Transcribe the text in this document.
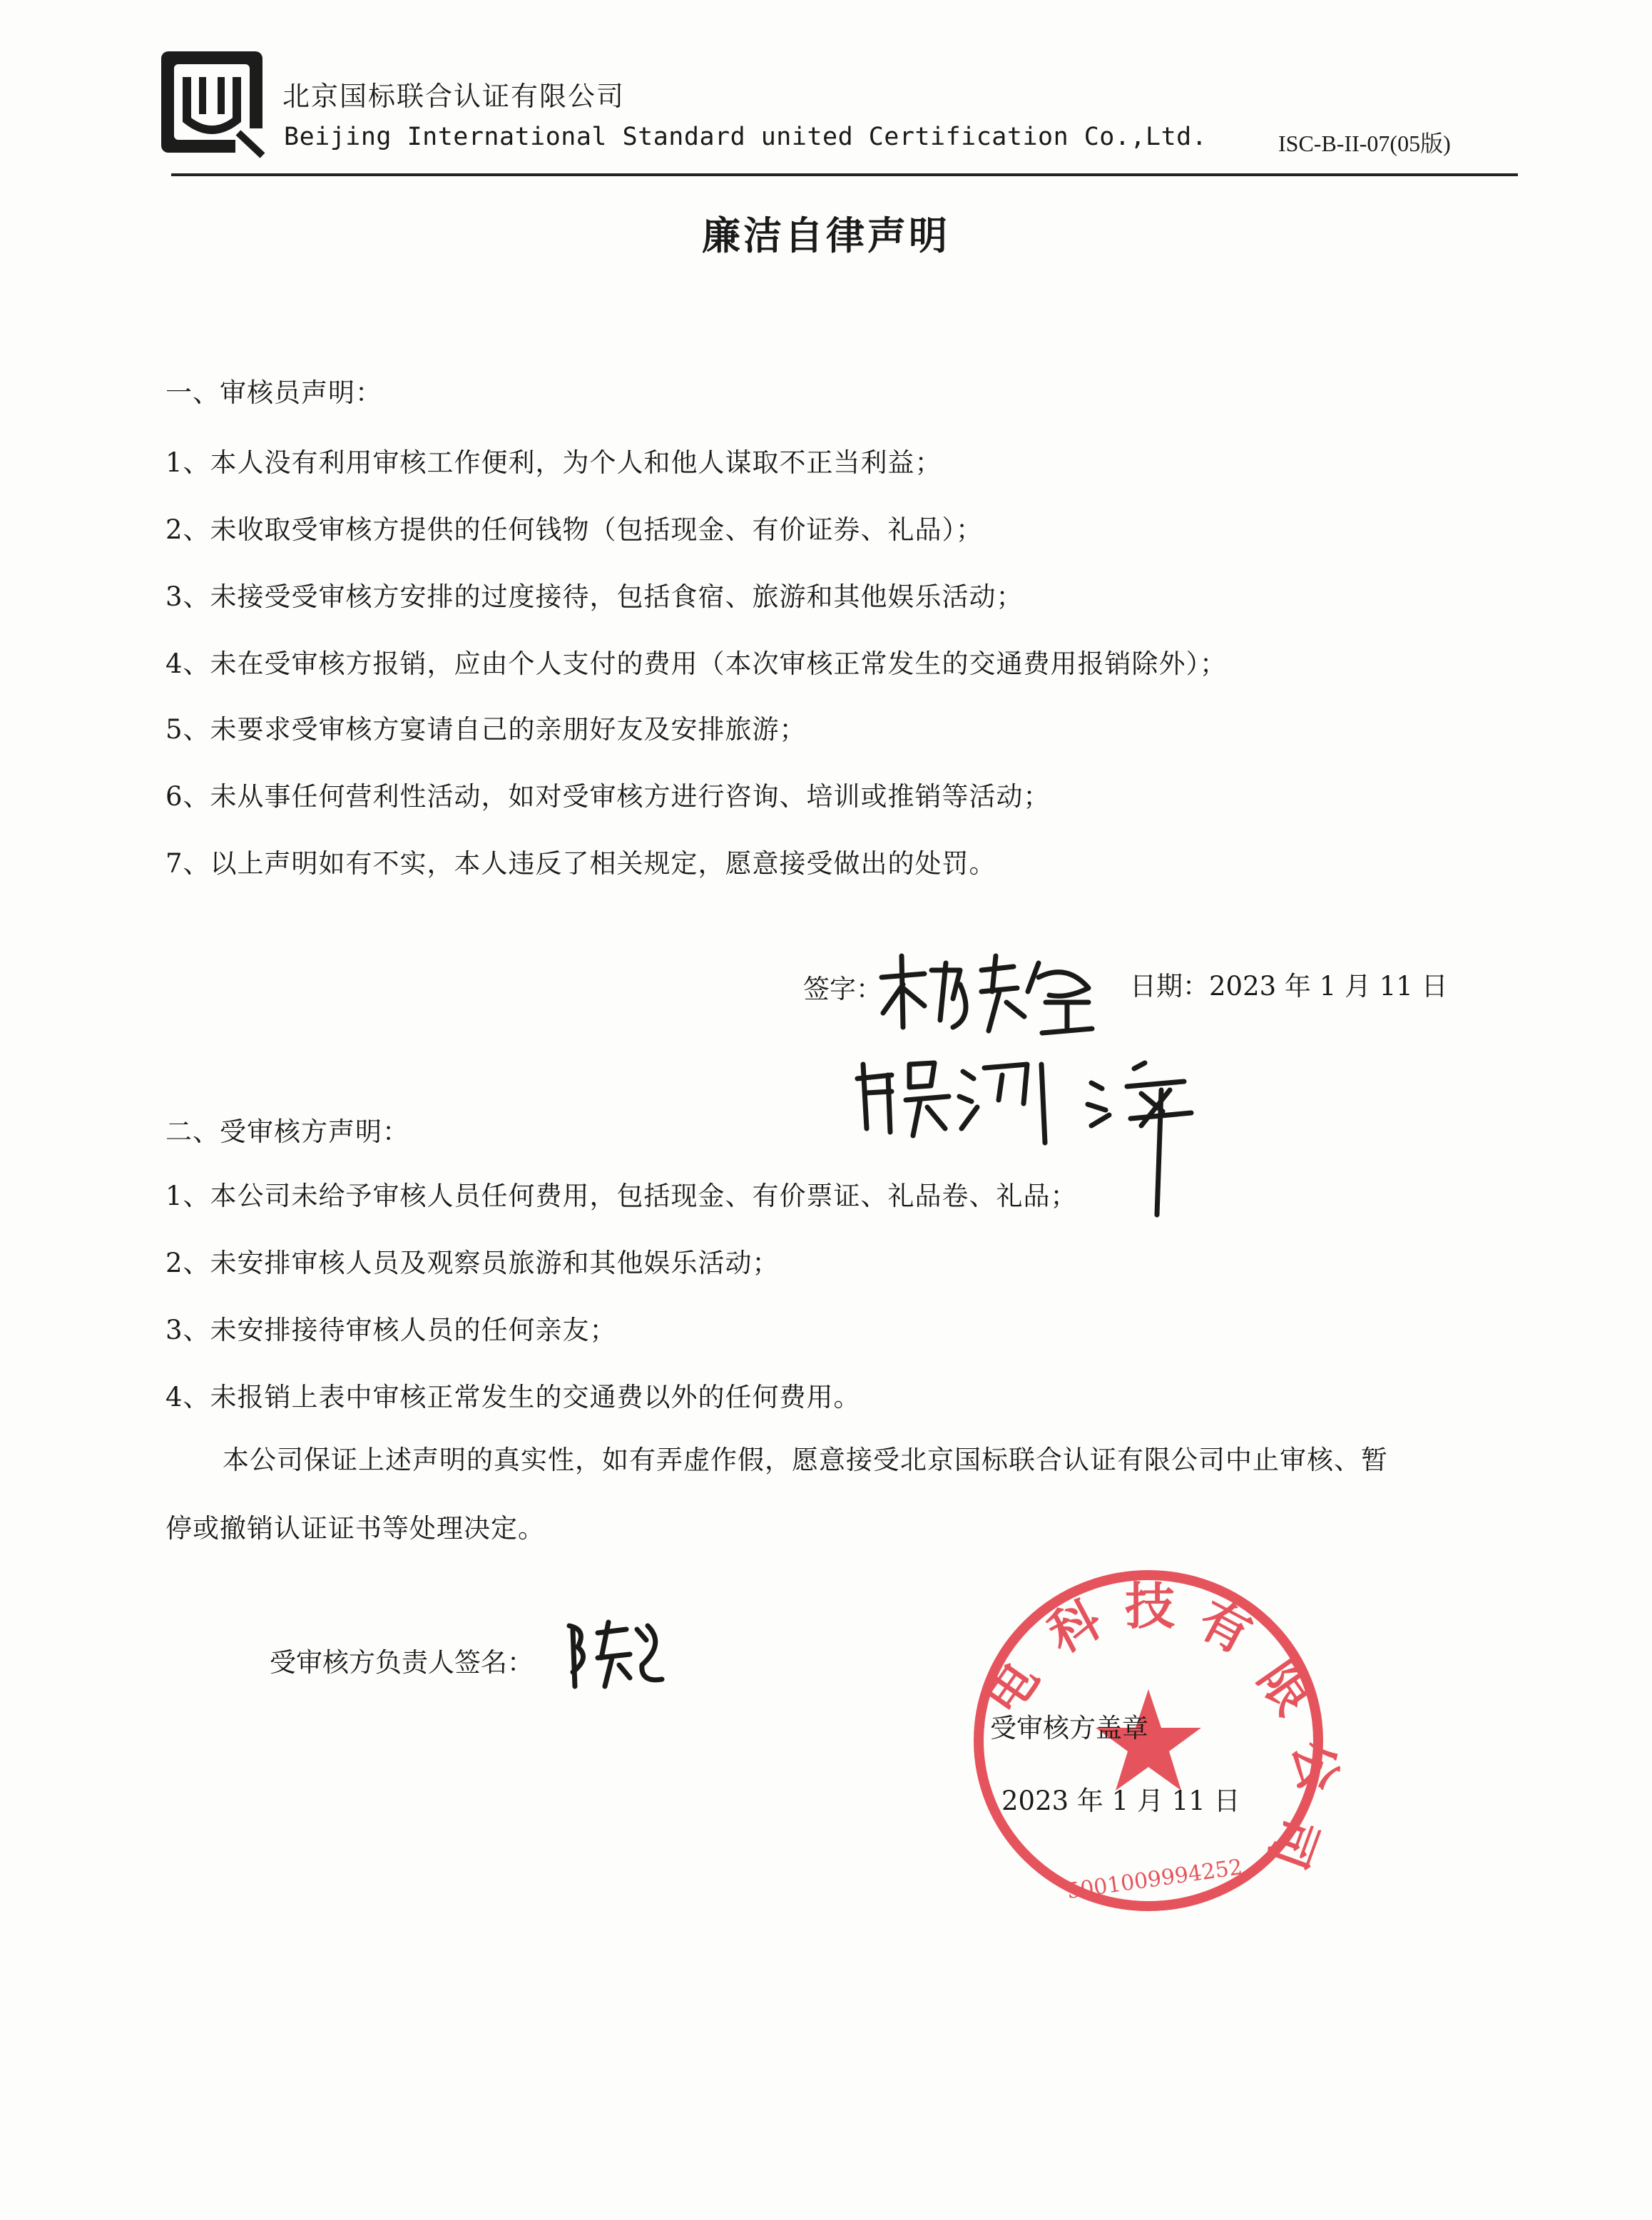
北京国标联合认证有限公司
Beijing International Standard united Certification Co.,Ltd.	ISC-B-II-07(05版)
廉洁自律声明
一、审核员声明：
1、本人没有利用审核工作便利，为个人和他人谋取不正当利益；
2、未收取受审核方提供的任何钱物（包括现金、有价证券、礼品）；
3、未接受受审核方安排的过度接待，包括食宿、旅游和其他娱乐活动；
4、未在受审核方报销，应由个人支付的费用（本次审核正常发生的交通费用报销除外）；
5、未要求受审核方宴请自己的亲朋好友及安排旅游；
6、未从事任何营利性活动，如对受审核方进行咨询、培训或推销等活动；
7、以上声明如有不实，本人违反了相关规定，愿意接受做出的处罚。
签字：	日期：2023 年 1 月 11 日
二、受审核方声明：
1、本公司未给予审核人员任何费用，包括现金、有价票证、礼品卷、礼品；
2、未安排审核人员及观察员旅游和其他娱乐活动；
3、未安排接待审核人员的任何亲友；
4、未报销上表中审核正常发生的交通费以外的任何费用。
本公司保证上述声明的真实性，如有弄虚作假，愿意接受北京国标联合认证有限公司中止审核、暂
停或撤销认证证书等处理决定。
受审核方负责人签名：	电
科 技 有
限
公
司
5001009994252
受审核方盖章
2023 年 1 月 11 日
